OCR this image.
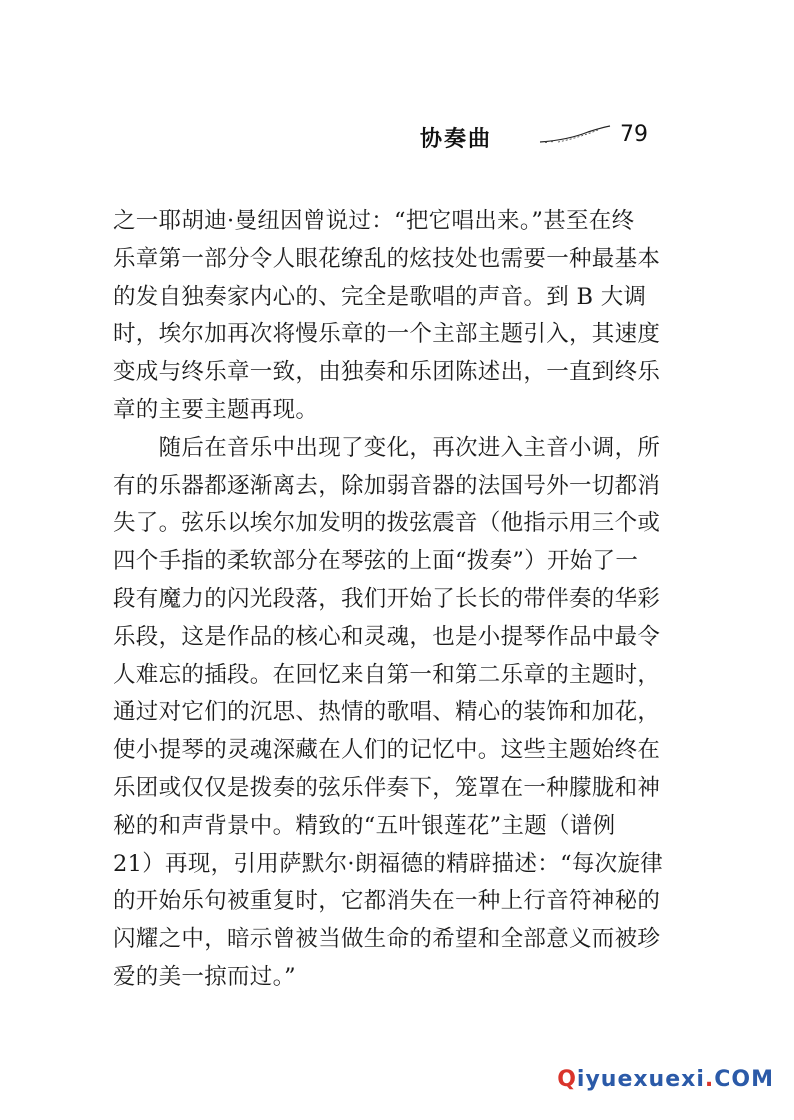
协奏曲	79
之一耶胡迪·曼纽因曾说过：“把它唱出来。”甚至在终
乐章第一部分令人眼花缭乱的炫技处也需要一种最基本
的发自独奏家内心的、完全是歌唱的声音。到 B 大调
时，埃尔加再次将慢乐章的一个主部主题引入，其速度
变成与终乐章一致，由独奏和乐团陈述出，一直到终乐
章的主要主题再现。
　　随后在音乐中出现了变化，再次进入主音小调，所
有的乐器都逐渐离去，除加弱音器的法国号外一切都消
失了。弦乐以埃尔加发明的拨弦震音（他指示用三个或
四个手指的柔软部分在琴弦的上面“拨奏”）开始了一
段有魔力的闪光段落，我们开始了长长的带伴奏的华彩
乐段，这是作品的核心和灵魂，也是小提琴作品中最令
人难忘的插段。在回忆来自第一和第二乐章的主题时，
通过对它们的沉思、热情的歌唱、精心的装饰和加花，
使小提琴的灵魂深藏在人们的记忆中。这些主题始终在
乐团或仅仅是拨奏的弦乐伴奏下，笼罩在一种朦胧和神
秘的和声背景中。精致的“五叶银莲花”主题（谱例
21）再现，引用萨默尔·朗福德的精辟描述：“每次旋律
的开始乐句被重复时，它都消失在一种上行音符神秘的
闪耀之中，暗示曾被当做生命的希望和全部意义而被珍
爱的美一掠而过。”
Qiyuexuexi.COM
